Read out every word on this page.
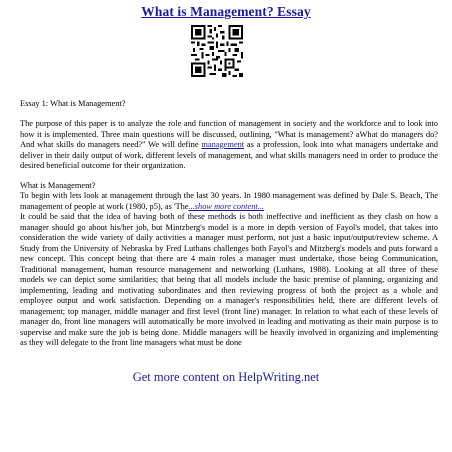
What is Management? Essay
Essay 1: What is Management?

The purpose of this paper is to analyze the role and function of management in society and the workforce and to look into how it is implemented. Three main questions will be discussed, outlining, "What is management? aWhat do managers do? And what skills do managers need?" We will define management as a profession, look into what managers undertake and deliver in their daily output of work, different levels of management, and what skills managers need in order to produce the desired beneficial outcome for their organization.

What is Management?

To begin with lets look at management through the last 30 years. In 1980 management was defined by Dale S. Beach, The management of people at work (1980, p5), as 'The...show more content...

It could be said that the idea of having both of these methods is both ineffective and inefficient as they clash on how a manager should go about his/her job, but Mintzberg's model is a more in depth version of Fayol's model, that takes into consideration the wide variety of daily activities a manager must perform, not just a basic input/output/review scheme. A Study from the University of Nebraska by Fred Luthans challenges both Fayol's and Mitzberg's models and puts forward a new concept. This concept being that there are 4 main roles a manager must undertake, those being Communication, Traditional management, human resource management and networking (Luthans, 1988). Looking at all three of these models we can depict some similarities; that being that all models include the basic premise of planning, organizing and implementing, leading and motivating subordinates and then reviewing progress of both the project as a whole and employee output and work satisfaction. Depending on a manager's responsibilities held, there are different levels of management; top manager, middle manager and first level (front line) manager. In relation to what each of these levels of manager do, front line managers will automatically be more involved in leading and motivating as their main purpose is to supervise and make sure the job is being done. Middle managers will be heavily involved in organizing and implementing as they will delegate to the front line managers what must be done

Get more content on HelpWriting.net
